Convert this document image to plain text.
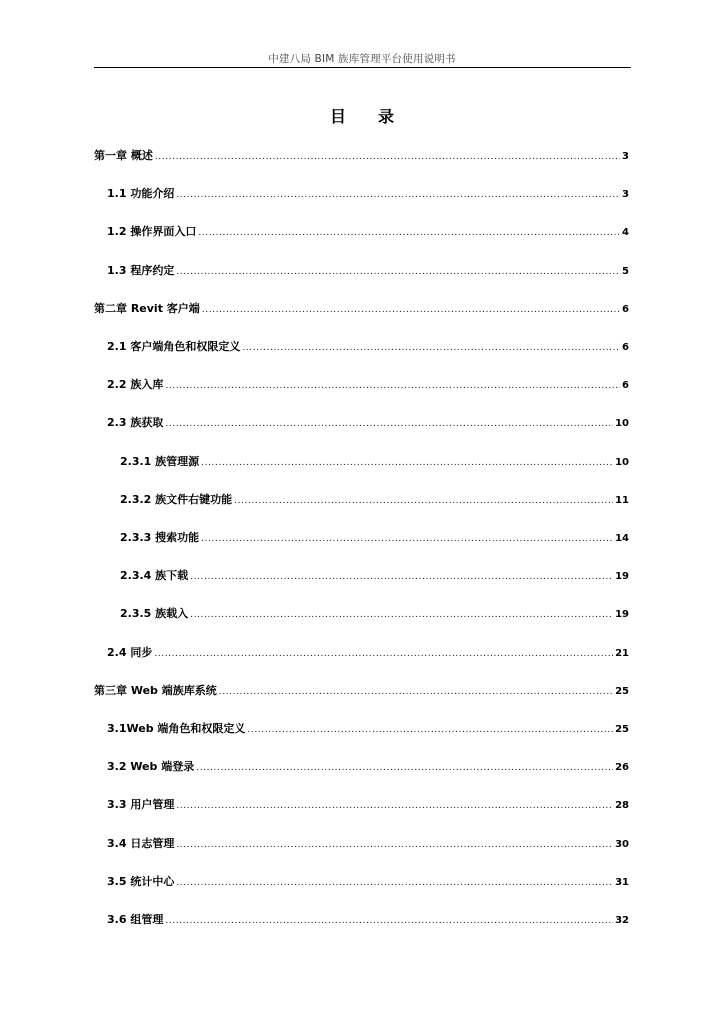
中建八局 BIM 族库管理平台使用说明书
目录
第一章 概述 .....	3
1.1 功能介绍 .....	3
1.2 操作界面入口 .....	4
1.3 程序约定 .....	5
第二章 Revit 客户端 .....	6
2.1 客户端角色和权限定义 .....	6
2.2 族入库 .....	6
2.3 族获取 .....	10
2.3.1 族管理源 .....	10
2.3.2 族文件右键功能 .....	11
2.3.3 搜索功能 .....	14
2.3.4 族下载 .....	19
2.3.5 族载入 .....	19
2.4 同步 .....	21
第三章 Web 端族库系统 .....	25
3.1Web 端角色和权限定义 .....	25
3.2 Web 端登录 .....	26
3.3 用户管理 .....	28
3.4 日志管理 .....	30
3.5 统计中心 .....	31
3.6 组管理 .....	32
